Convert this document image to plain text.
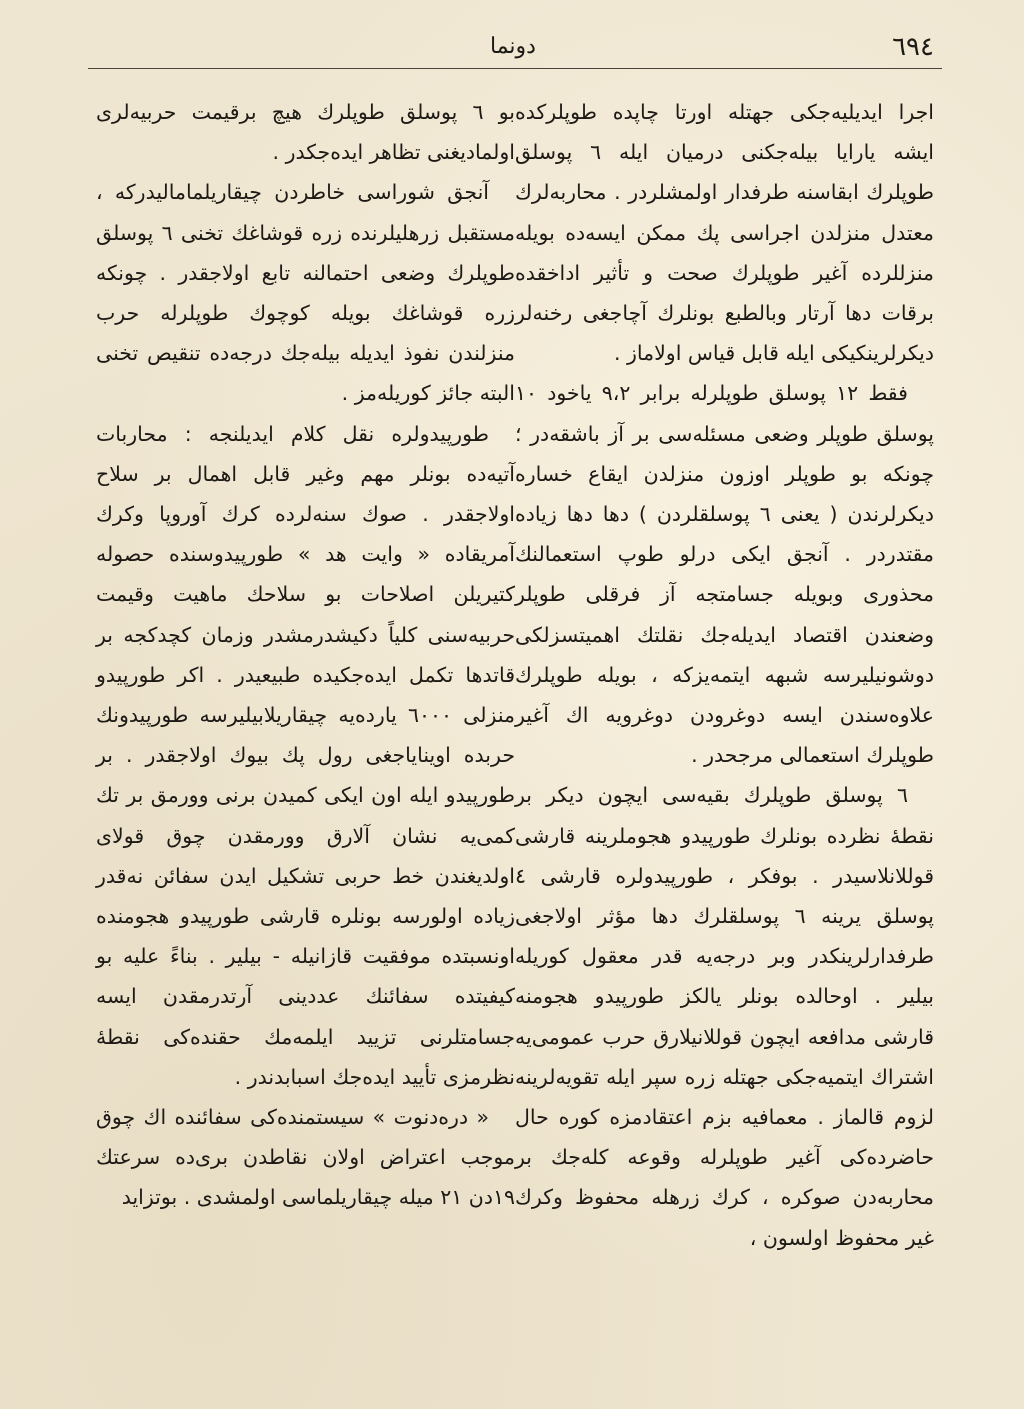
٦٩٤
دونما

اجرا ایدیلیه‌جکی جهتله اورتا چاپده طوپلرکده ایشه یارایا بیله‌جکنی درمیان ایله ٦ پوسلق طوپلرك ابقاسنه طرفدار اولمشلردر . محاربه‌لرك معتدل منزلدن اجراسی پك ممکن ایسه‌ده بویله منزللرده آغیر طوپلرك صحت و تأثیر اداخقده برقات دها آرتار وبالطبع بونلرك آچاجغی رخنه‌لر دیکرلرینکیکی ایله قابل قیاس اولاماز .

فقط ١٢ پوسلق طوپلرله برابر ٩،٢ یاخود ١٠ پوسلق طوپلر وضعی مسئله‌سی بر آز باشقه‌در ؛ چونکه بو طوپلر اوزون منزلدن ایقاع خساره دیکرلرندن ( یعنی ٦ پوسلقلردن ) دها دها زیاده مقتدردر . آنجق ایکی درلو طوپ استعمالنك محذوری وبویله جسامتجه آز فرقلی طوپلر وضعندن اقتصاد ایدیله‌جك نقلتك اهمیتسزلکی دوشونیلیرسه شبهه ایتمه‌یزکه ، بویله طوپلرك علاوه‌سندن ایسه دوغرودن دوغرویه اك آغیر طوپلرك استعمالی مرجحدر .

٦ پوسلق طوپلرك بقیه‌سی ایچون دیکر بر نقطهٔ نظرده بونلرك طورپیدو هجوملرینه قارشی قوللانلاسیدر . بوفکر ، طورپیدولره قارشی ٤ پوسلق یرینه ٦ پوسلقلرك دها مؤثر اولاجغی طرفدارلرینکدر وبر درجه‌یه قدر معقول کوریله بیلیر . اوحالده بونلر یالکز طورپیدو هجومنه قارشی مدافعه ایچون قوللانیلارق حرب عمومی‌یه اشتراك ایتمیه‌جکی جهتله زره سپر ایله تقویه‌لرینه لزوم قالماز . معمافیه بزم اعتقادمزه کوره حال حاضرده‌کی آغیر طوپلرله وقوعه کله‌جك بر محاربه‌دن صوکره ، کرك زرهله محفوظ وکرك غیر محفوظ اولسون ،

بو ٦ پوسلق طوپلرك هیچ برقیمت حربیه‌لری اولمادیغنی تظاهر ایده‌جکدر .

آنجق شوراسی خاطردن چیقاریلمامالیدرکه ، مستقبل زرهلیلرنده زره قوشاغك تخنی ٦ پوسلق طوپلرك وضعی احتمالنه تابع اولاجقدر . چونکه زره قوشاغك بویله کوچوك طوپلرله حرب منزلندن نفوذ ایدیله بیله‌جك درجه‌ده تنقیص تخنی البته جائز کوریله‌مز .

طورپیدولره نقل کلام ایدیلنجه : محاربات آتیه‌ده بونلر مهم وغیر قابل اهمال بر سلاح اولاجقدر . صوك سنه‌لرده کرك آوروپا وکرك آمریقاده « وایت هد » طورپیدوسنده حصوله کتیریلن اصلاحات بو سلاحك ماهیت وقیمت حربیه‌سنی کلیاً دکیشدرمشدر وزمان کچدکجه بر قاتدها تکمل ایده‌جکیده طبیعیدر . اکر طورپیدو منزلی ٦٠٠٠ یارده‌یه چیقاریلابیلیرسه طورپیدونك حربده اوینایاجغی رول پك بیوك اولاجقدر . بر طورپیدو ایله اون ایکی کمیدن برنی وورمق بر تك کمی‌یه نشان آلارق وورمقدن چوق قولای اولدیغندن خط حربی تشکیل ایدن سفائن نه‌قدر زیاده اولورسه بونلره قارشی طورپیدو هجومنده اونسبتده موفقیت قازانیله - بیلیر . بناءً علیه بو کیفیتده سفائنك عددینی آرتدرمقدن ایسه جسامتلرنی تزیید ایلمه‌مك حقنده‌کی نقطهٔ نظرمزی تأیید ایده‌جك اسبابدندر .

« دره‌دنوت » سیستمنده‌کی سفائنده اك چوق موجب اعتراض اولان نقاطدن بری‌ده سرعتك ١٩دن ٢١ میله چیقاریلماسی اولمشدی . بوتزاید
